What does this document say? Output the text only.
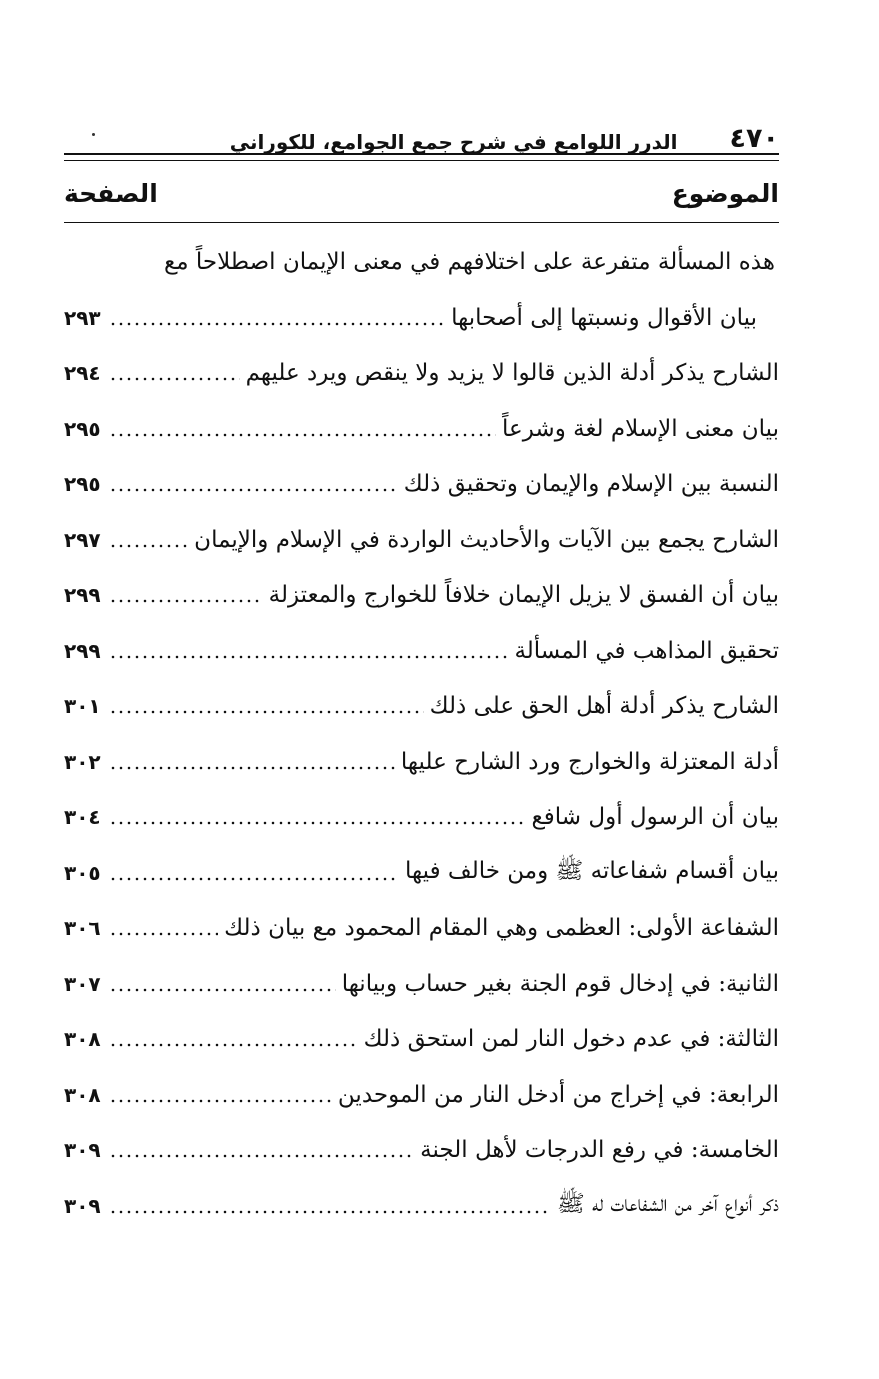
٤٧٠
الدرر اللوامع في شرح جمع الجوامع، للكوراني
الموضوع
الصفحة
هذه المسألة متفرعة على اختلافهم في معنى الإيمان اصطلاحاً مع
بيان الأقوال ونسبتها إلى أصحابها
٢٩٣
الشارح يذكر أدلة الذين قالوا لا يزيد ولا ينقص ويرد عليهم
٢٩٤
بيان معنى الإسلام لغة وشرعاً
٢٩٥
النسبة بين الإسلام والإيمان وتحقيق ذلك
٢٩٥
الشارح يجمع بين الآيات والأحاديث الواردة في الإسلام والإيمان
٢٩٧
بيان أن الفسق لا يزيل الإيمان خلافاً للخوارج والمعتزلة
٢٩٩
تحقيق المذاهب في المسألة
٢٩٩
الشارح يذكر أدلة أهل الحق على ذلك
٣٠١
أدلة المعتزلة والخوارج ورد الشارح عليها
٣٠٢
بيان أن الرسول أول شافع
٣٠٤
بيان أقسام شفاعاته ﷺ ومن خالف فيها
٣٠٥
الشفاعة الأولى: العظمى وهي المقام المحمود مع بيان ذلك
٣٠٦
الثانية: في إدخال قوم الجنة بغير حساب وبيانها
٣٠٧
الثالثة: في عدم دخول النار لمن استحق ذلك
٣٠٨
الرابعة: في إخراج من أدخل النار من الموحدين
٣٠٨
الخامسة: في رفع الدرجات لأهل الجنة
٣٠٩
ذكر أنواع آخر من الشفاعات له ﷺ
٣٠٩
